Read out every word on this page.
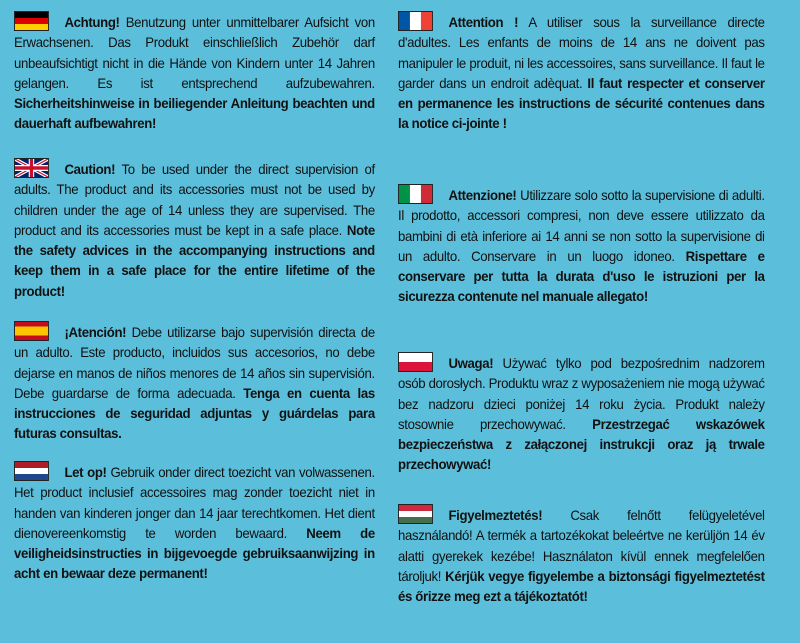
Achtung! Benutzung unter unmittelbarer Aufsicht von Erwachsenen. Das Produkt einschließlich Zubehör darf unbeaufsichtigt nicht in die Hände von Kindern unter 14 Jahren gelangen. Es ist entsprechend aufzubewahren. Sicherheitshinweise in beiliegender Anleitung beachten und dauerhaft aufbewahren!
Caution! To be used under the direct supervision of adults. The product and its accessories must not be used by children under the age of 14 unless they are supervised. The product and its accessories must be kept in a safe place. Note the safety advices in the accompanying instructions and keep them in a safe place for the entire lifetime of the product!
¡Atención! Debe utilizarse bajo supervisión directa de un adulto. Este producto, incluidos sus accesorios, no debe dejarse en manos de niños menores de 14 años sin supervisión. Debe guardarse de forma adecuada. Tenga en cuenta las instrucciones de seguridad adjuntas y guárdelas para futuras consultas.
Let op! Gebruik onder direct toezicht van volwassenen. Het product inclusief accessoires mag zonder toezicht niet in handen van kinderen jonger dan 14 jaar terechtkomen. Het dient dienovereenkomstig te worden bewaard. Neem de veiligheidsinstructies in bijgevoegde gebruiksaanwijzing in acht en bewaar deze permanent!
Attention ! A utiliser sous la surveillance directe d'adultes. Les enfants de moins de 14 ans ne doivent pas manipuler le produit, ni les accessoires, sans surveillance. Il faut le garder dans un endroit adèquat. Il faut respecter et conserver en permanence les instructions de sécurité contenues dans la notice ci-jointe !
Attenzione! Utilizzare solo sotto la supervisione di adulti. Il prodotto, accessori compresi, non deve essere utilizzato da bambini di età inferiore ai 14 anni se non sotto la supervisione di un adulto. Conservare in un luogo idoneo. Rispettare e conservare per tutta la durata d'uso le istruzioni per la sicurezza contenute nel manuale allegato!
Uwaga! Używać tylko pod bezpośrednim nadzorem osób dorosłych. Produktu wraz z wyposażeniem nie mogą używać bez nadzoru dzieci poniżej 14 roku życia. Produkt należy stosownie przechowywać. Przestrzegać wskazówek bezpieczeństwa z załączonej instrukcji oraz ją trwale przechowywać!
Figyelmeztetés! Csak felnőtt felügyeletével használandó! A termék a tartozékokat beleértve ne kerüljön 14 év alatti gyerekek kezébe! Használaton kívül ennek megfelelően tároljuk! Kérjük vegye figyelembe a biztonsági figyelmeztetést és őrizze meg ezt a tájékoztatót!
